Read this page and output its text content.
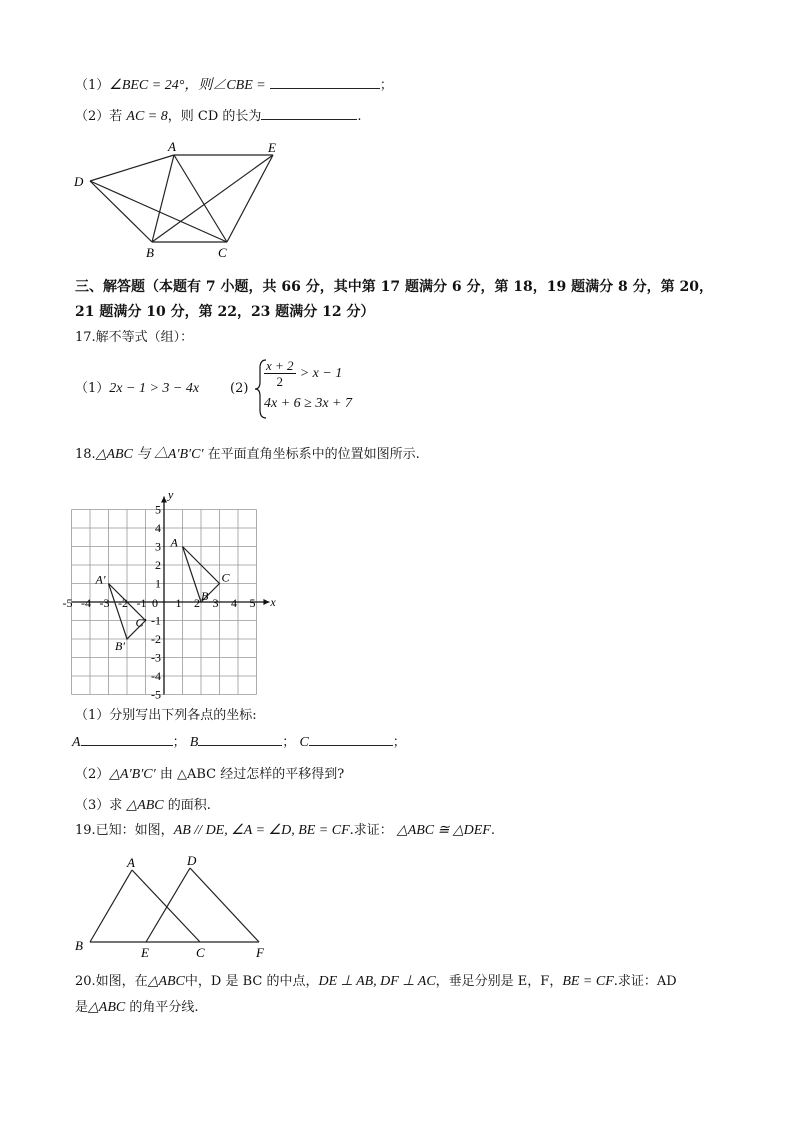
（1）∠BEC = 24°，则∠CBE =	；
（2）若 AC = 8，则 CD 的长为	.
A	E
D
B	C
三、解答题（本题有 7 小题，共 66 分，其中第 17 题满分 6 分，第 18，19 题满分 8 分，第 20，
21 题满分 10 分，第 22，23 题满分 12 分）
17.解不等式（组）：
（1）2x − 1 > 3 − 4x $(2) \frac{x + 2}{2} > x - 1$
4x + 6 ≥ 3x + 7
18.△ABC 与 △A′B′C′ 在平面直角坐标系中的位置如图所示.
x
y
-5 -4 -3 -2 -1 0 1 2 3 4 5
5
4
3
2
1
-1
-2
-3
-4
-5
A
B
C
A′
B′
C′
（1）分别写出下列各点的坐标:
A	； B	； C	；
（2）△A′B′C′ 由 △ABC 经过怎样的平移得到?
（3）求 △ABC 的面积.
19.已知：如图，AB // DE, ∠A = ∠D, BE = CF.求证： △ABC ≅ △DEF.
A	D
B	E	C	F
20.如图，在△ABC中，D 是 BC 的中点，DE ⊥ AB, DF ⊥ AC，垂足分别是 E，F，BE = CF.求证：AD
是△ABC 的角平分线.
